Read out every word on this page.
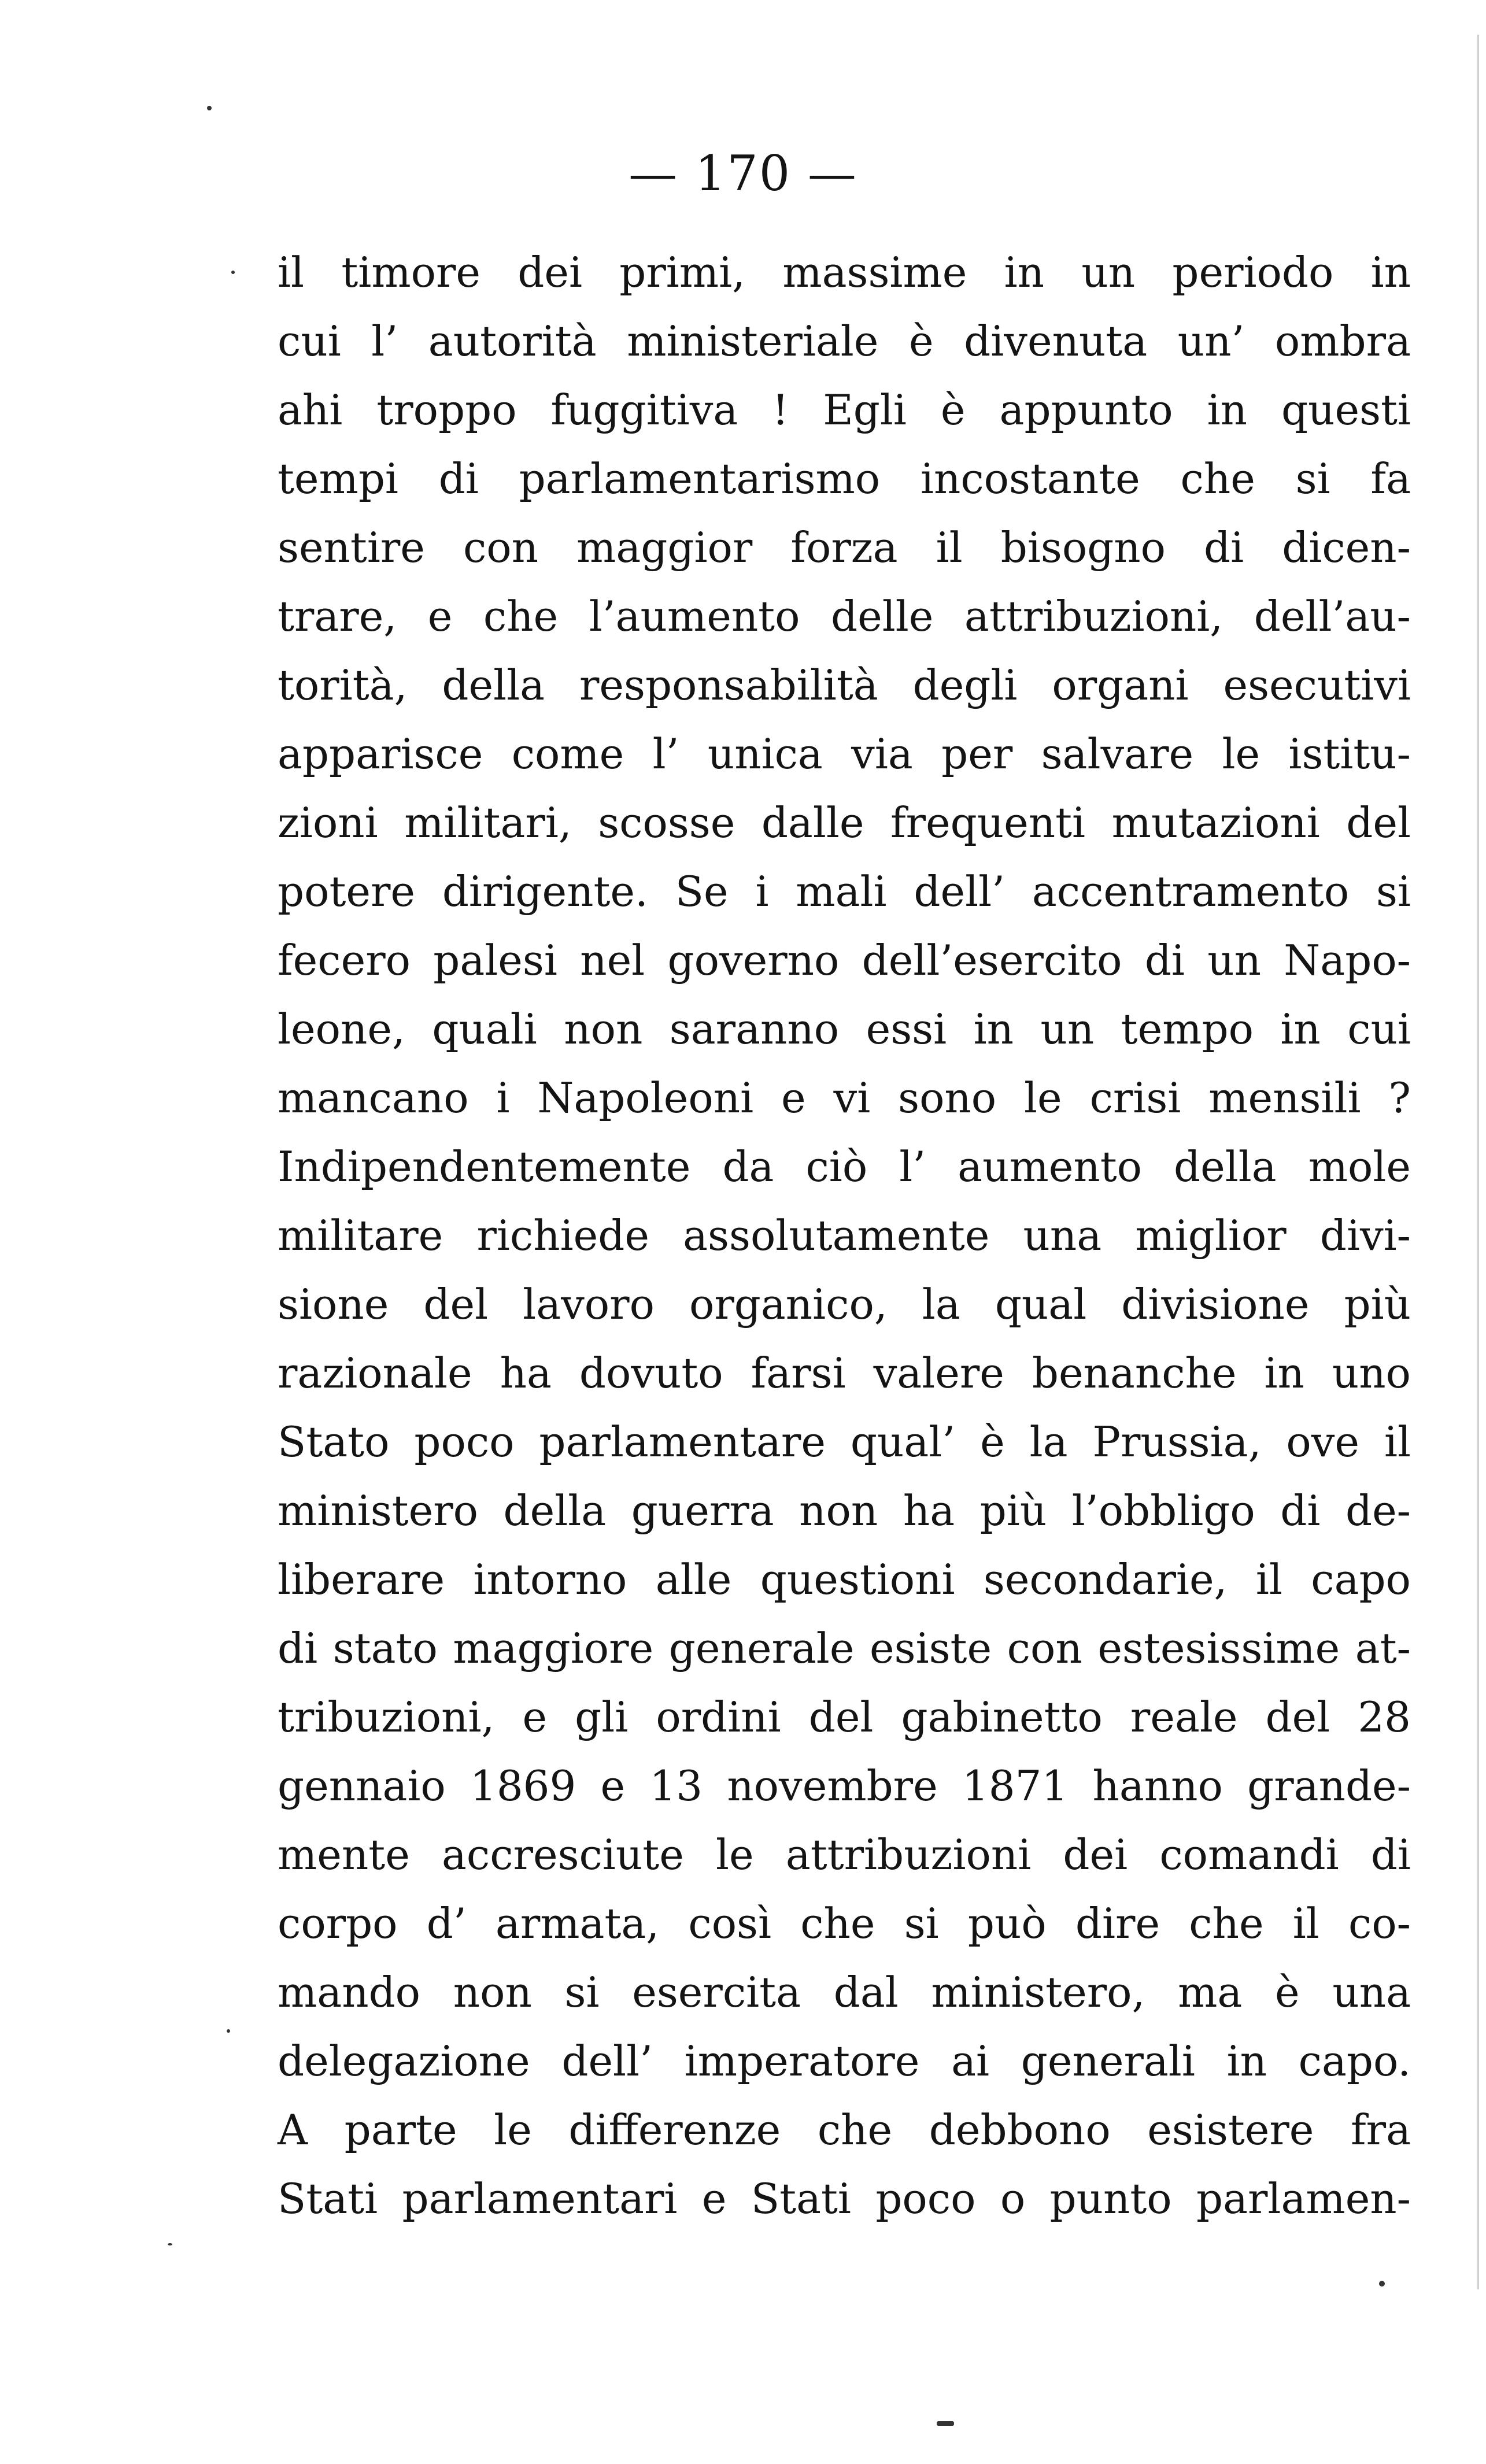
— 170 —
il timore dei primi, massime in un periodo in
cui l’ autorità ministeriale è divenuta un’ ombra
ahi troppo fuggitiva ! Egli è appunto in questi
tempi di parlamentarismo incostante che si fa
sentire con maggior forza il bisogno di dicen-
trare, e che l’aumento delle attribuzioni, dell’au-
torità, della responsabilità degli organi esecutivi
apparisce come l’ unica via per salvare le istitu-
zioni militari, scosse dalle frequenti mutazioni del
potere dirigente. Se i mali dell’ accentramento si
fecero palesi nel governo dell’esercito di un Napo-
leone, quali non saranno essi in un tempo in cui
mancano i Napoleoni e vi sono le crisi mensili ?
Indipendentemente da ciò l’ aumento della mole
militare richiede assolutamente una miglior divi-
sione del lavoro organico, la qual divisione più
razionale ha dovuto farsi valere benanche in uno
Stato poco parlamentare qual’ è la Prussia, ove il
ministero della guerra non ha più l’obbligo di de-
liberare intorno alle questioni secondarie, il capo
di stato maggiore generale esiste con estesissime at-
tribuzioni, e gli ordini del gabinetto reale del 28
gennaio 1869 e 13 novembre 1871 hanno grande-
mente accresciute le attribuzioni dei comandi di
corpo d’ armata, così che si può dire che il co-
mando non si esercita dal ministero, ma è una
delegazione dell’ imperatore ai generali in capo.
A parte le differenze che debbono esistere fra
Stati parlamentari e Stati poco o punto parlamen-
